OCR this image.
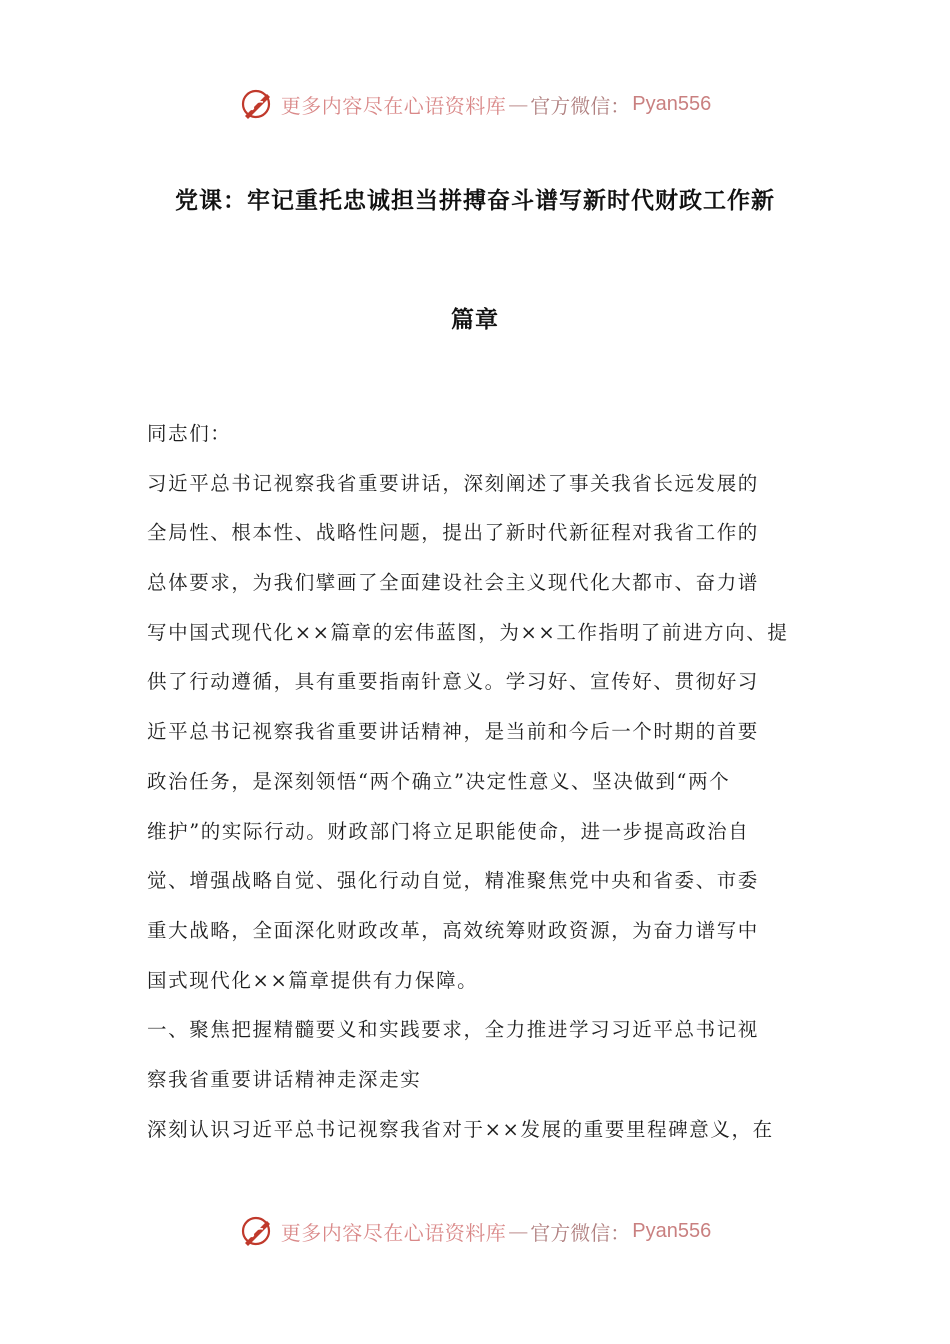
更多内容尽在心语资料库 — 官方微信： Pyan556
党课：牢记重托忠诚担当拼搏奋斗谱写新时代财政工作新
篇章
同志们：
习近平总书记视察我省重要讲话，深刻阐述了事关我省长远发展的
全局性、根本性、战略性问题，提出了新时代新征程对我省工作的
总体要求，为我们擘画了全面建设社会主义现代化大都市、奋力谱
写中国式现代化××篇章的宏伟蓝图，为××工作指明了前进方向、提
供了行动遵循，具有重要指南针意义。学习好、宣传好、贯彻好习
近平总书记视察我省重要讲话精神，是当前和今后一个时期的首要
政治任务，是深刻领悟“两个确立”决定性意义、坚决做到“两个
维护”的实际行动。财政部门将立足职能使命，进一步提高政治自
觉、增强战略自觉、强化行动自觉，精准聚焦党中央和省委、市委
重大战略，全面深化财政改革，高效统筹财政资源，为奋力谱写中
国式现代化××篇章提供有力保障。
一、聚焦把握精髓要义和实践要求，全力推进学习习近平总书记视
察我省重要讲话精神走深走实
深刻认识习近平总书记视察我省对于××发展的重要里程碑意义，在
更多内容尽在心语资料库 — 官方微信： Pyan556
